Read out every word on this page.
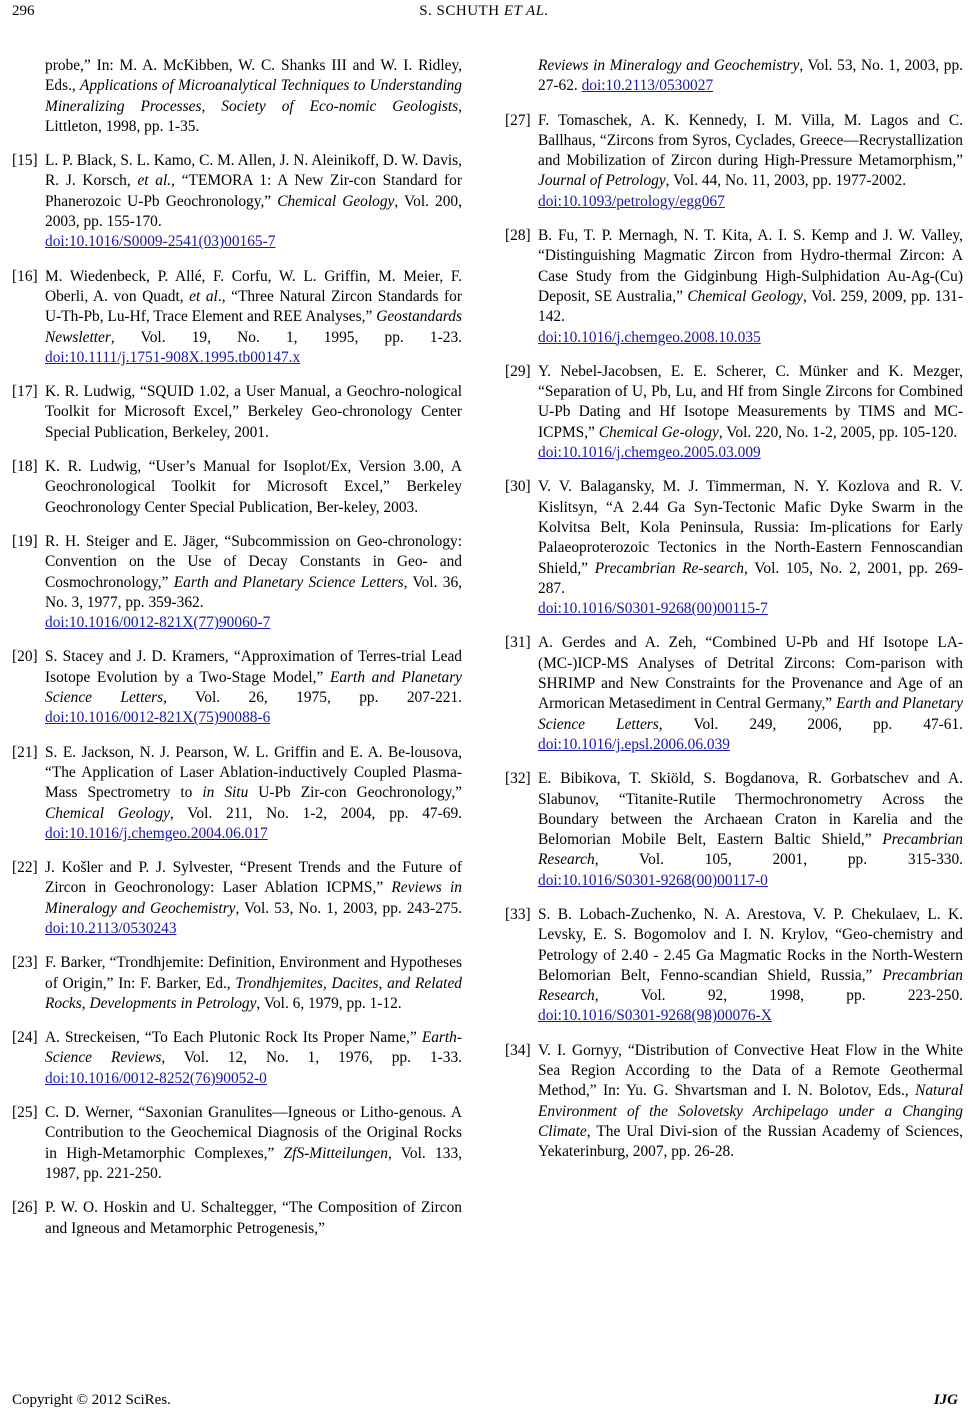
296	S. SCHUTH ET AL.
probe,” In: M. A. McKibben, W. C. Shanks III and W. I. Ridley, Eds., Applications of Microanalytical Techniques to Understanding Mineralizing Processes, Society of Eco-nomic Geologists, Littleton, 1998, pp. 1-35.
[15] L. P. Black, S. L. Kamo, C. M. Allen, J. N. Aleinikoff, D. W. Davis, R. J. Korsch, et al., “TEMORA 1: A New Zir-con Standard for Phanerozoic U-Pb Geochronology,” Chemical Geology, Vol. 200, 2003, pp. 155-170.
doi:10.1016/S0009-2541(03)00165-7
[16] M. Wiedenbeck, P. Allé, F. Corfu, W. L. Griffin, M. Meier, F. Oberli, A. von Quadt, et al., “Three Natural Zircon Standards for U-Th-Pb, Lu-Hf, Trace Element and REE Analyses,” Geostandards Newsletter, Vol. 19, No. 1, 1995, pp. 1-23. doi:10.1111/j.1751-908X.1995.tb00147.x
[17] K. R. Ludwig, “SQUID 1.02, a User Manual, a Geochro-nological Toolkit for Microsoft Excel,” Berkeley Geo-chronology Center Special Publication, Berkeley, 2001.
[18] K. R. Ludwig, “User’s Manual for Isoplot/Ex, Version 3.00, A Geochronological Toolkit for Microsoft Excel,” Berkeley Geochronology Center Special Publication, Ber-keley, 2003.
[19] R. H. Steiger and E. Jäger, “Subcommission on Geo-chronology: Convention on the Use of Decay Constants in Geo- and Cosmochronology,” Earth and Planetary Science Letters, Vol. 36, No. 3, 1977, pp. 359-362.
doi:10.1016/0012-821X(77)90060-7
[20] S. Stacey and J. D. Kramers, “Approximation of Terres-trial Lead Isotope Evolution by a Two-Stage Model,” Earth and Planetary Science Letters, Vol. 26, 1975, pp. 207-221. doi:10.1016/0012-821X(75)90088-6
[21] S. E. Jackson, N. J. Pearson, W. L. Griffin and E. A. Be-lousova, “The Application of Laser Ablation-inductively Coupled Plasma-Mass Spectrometry to in Situ U-Pb Zir-con Geochronology,” Chemical Geology, Vol. 211, No. 1-2, 2004, pp. 47-69. doi:10.1016/j.chemgeo.2004.06.017
[22] J. Košler and P. J. Sylvester, “Present Trends and the Future of Zircon in Geochronology: Laser Ablation ICPMS,” Reviews in Mineralogy and Geochemistry, Vol. 53, No. 1, 2003, pp. 243-275. doi:10.2113/0530243
[23] F. Barker, “Trondhjemite: Definition, Environment and Hypotheses of Origin,” In: F. Barker, Ed., Trondhjemites, Dacites, and Related Rocks, Developments in Petrology, Vol. 6, 1979, pp. 1-12.
[24] A. Streckeisen, “To Each Plutonic Rock Its Proper Name,” Earth-Science Reviews, Vol. 12, No. 1, 1976, pp. 1-33. doi:10.1016/0012-8252(76)90052-0
[25] C. D. Werner, “Saxonian Granulites—Igneous or Litho-genous. A Contribution to the Geochemical Diagnosis of the Original Rocks in High-Metamorphic Complexes,” ZfS-Mitteilungen, Vol. 133, 1987, pp. 221-250.
[26] P. W. O. Hoskin and U. Schaltegger, “The Composition of Zircon and Igneous and Metamorphic Petrogenesis,”
Reviews in Mineralogy and Geochemistry, Vol. 53, No. 1, 2003, pp. 27-62. doi:10.2113/0530027
[27] F. Tomaschek, A. K. Kennedy, I. M. Villa, M. Lagos and C. Ballhaus, “Zircons from Syros, Cyclades, Greece—Recrystallization and Mobilization of Zircon during High-Pressure Metamorphism,” Journal of Petrology, Vol. 44, No. 11, 2003, pp. 1977-2002.
doi:10.1093/petrology/egg067
[28] B. Fu, T. P. Mernagh, N. T. Kita, A. I. S. Kemp and J. W. Valley, “Distinguishing Magmatic Zircon from Hydro-thermal Zircon: A Case Study from the Gidginbung High-Sulphidation Au-Ag-(Cu) Deposit, SE Australia,” Chemical Geology, Vol. 259, 2009, pp. 131-142.
doi:10.1016/j.chemgeo.2008.10.035
[29] Y. Nebel-Jacobsen, E. E. Scherer, C. Münker and K. Mezger, “Separation of U, Pb, Lu, and Hf from Single Zircons for Combined U-Pb Dating and Hf Isotope Measurements by TIMS and MC-ICPMS,” Chemical Ge-ology, Vol. 220, No. 1-2, 2005, pp. 105-120.
doi:10.1016/j.chemgeo.2005.03.009
[30] V. V. Balagansky, M. J. Timmerman, N. Y. Kozlova and R. V. Kislitsyn, “A 2.44 Ga Syn-Tectonic Mafic Dyke Swarm in the Kolvitsa Belt, Kola Peninsula, Russia: Im-plications for Early Palaeoproterozoic Tectonics in the North-Eastern Fennoscandian Shield,” Precambrian Re-search, Vol. 105, No. 2, 2001, pp. 269-287.
doi:10.1016/S0301-9268(00)00115-7
[31] A. Gerdes and A. Zeh, “Combined U-Pb and Hf Isotope LA-(MC-)ICP-MS Analyses of Detrital Zircons: Com-parison with SHRIMP and New Constraints for the Provenance and Age of an Armorican Metasediment in Central Germany,” Earth and Planetary Science Letters, Vol. 249, 2006, pp. 47-61. doi:10.1016/j.epsl.2006.06.039
[32] E. Bibikova, T. Skiöld, S. Bogdanova, R. Gorbatschev and A. Slabunov, “Titanite-Rutile Thermochronometry Across the Boundary between the Archaean Craton in Karelia and the Belomorian Mobile Belt, Eastern Baltic Shield,” Precambrian Research, Vol. 105, 2001, pp. 315-330. doi:10.1016/S0301-9268(00)00117-0
[33] S. B. Lobach-Zuchenko, N. A. Arestova, V. P. Chekulaev, L. K. Levsky, E. S. Bogomolov and I. N. Krylov, “Geo-chemistry and Petrology of 2.40 - 2.45 Ga Magmatic Rocks in the North-Western Belomorian Belt, Fenno-scandian Shield, Russia,” Precambrian Research, Vol. 92, 1998, pp. 223-250. doi:10.1016/S0301-9268(98)00076-X
[34] V. I. Gornyy, “Distribution of Convective Heat Flow in the White Sea Region According to the Data of a Remote Geothermal Method,” In: Yu. G. Shvartsman and I. N. Bolotov, Eds., Natural Environment of the Solovetsky Archipelago under a Changing Climate, The Ural Divi-sion of the Russian Academy of Sciences, Yekaterinburg, 2007, pp. 26-28.
Copyright © 2012 SciRes.	IJG
